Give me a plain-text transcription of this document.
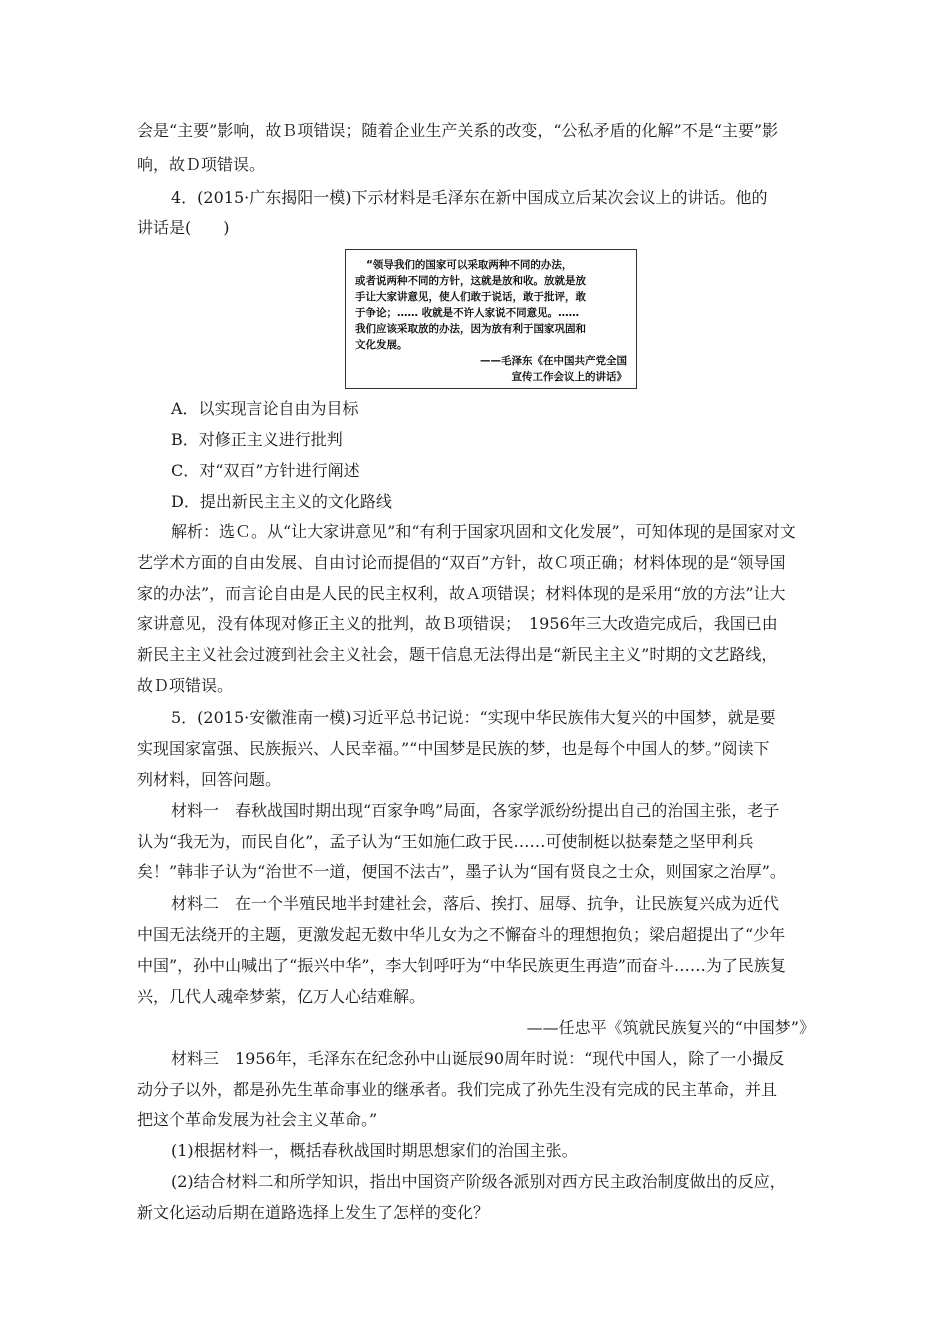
会是“主要”影响，故Ｂ项错误；随着企业生产关系的改变，“公私矛盾的化解”不是“主要”影
响，故Ｄ项错误。
4．(2015·广东揭阳一模)下示材料是毛泽东在新中国成立后某次会议上的讲话。他的
讲话是(　　)
“领导我们的国家可以采取两种不同的办法，
或者说两种不同的方针，这就是放和收。放就是放
手让大家讲意见，使人们敢于说话，敢于批评，敢
于争论；…… 收就是不许人家说不同意见。……
我们应该采取放的办法，因为放有利于国家巩固和
文化发展。
——毛泽东《在中国共产党全国
宣传工作会议上的讲话》
A．以实现言论自由为目标
B．对修正主义进行批判
C．对“双百”方针进行阐述
D．提出新民主主义的文化路线
解析：选Ｃ。从“让大家讲意见”和“有利于国家巩固和文化发展”，可知体现的是国家对文
艺学术方面的自由发展、自由讨论而提倡的“双百”方针，故Ｃ项正确；材料体现的是“领导国
家的办法”，而言论自由是人民的民主权利，故Ａ项错误；材料体现的是采用“放的方法”让大
家讲意见，没有体现对修正主义的批判，故Ｂ项错误；　1956年三大改造完成后，我国已由
新民主主义社会过渡到社会主义社会，题干信息无法得出是“新民主主义”时期的文艺路线，
故Ｄ项错误。
5．(2015·安徽淮南一模)习近平总书记说：“实现中华民族伟大复兴的中国梦，就是要
实现国家富强、民族振兴、人民幸福。”“中国梦是民族的梦，也是每个中国人的梦。”阅读下
列材料，回答问题。
材料一　春秋战国时期出现“百家争鸣”局面，各家学派纷纷提出自己的治国主张，老子
认为“我无为，而民自化”，孟子认为“王如施仁政于民……可使制梃以挞秦楚之坚甲利兵
矣！”韩非子认为“治世不一道，便国不法古”，墨子认为“国有贤良之士众，则国家之治厚”。
材料二　在一个半殖民地半封建社会，落后、挨打、屈辱、抗争，让民族复兴成为近代
中国无法绕开的主题，更激发起无数中华儿女为之不懈奋斗的理想抱负；梁启超提出了“少年
中国”，孙中山喊出了“振兴中华”，李大钊呼吁为“中华民族更生再造”而奋斗……为了民族复
兴，几代人魂牵梦萦，亿万人心结难解。
——任忠平《筑就民族复兴的“中国梦”》
材料三　1956年，毛泽东在纪念孙中山诞辰90周年时说：“现代中国人，除了一小撮反
动分子以外，都是孙先生革命事业的继承者。我们完成了孙先生没有完成的民主革命，并且
把这个革命发展为社会主义革命。”
(1)根据材料一，概括春秋战国时期思想家们的治国主张。
(2)结合材料二和所学知识，指出中国资产阶级各派别对西方民主政治制度做出的反应，
新文化运动后期在道路选择上发生了怎样的变化？
